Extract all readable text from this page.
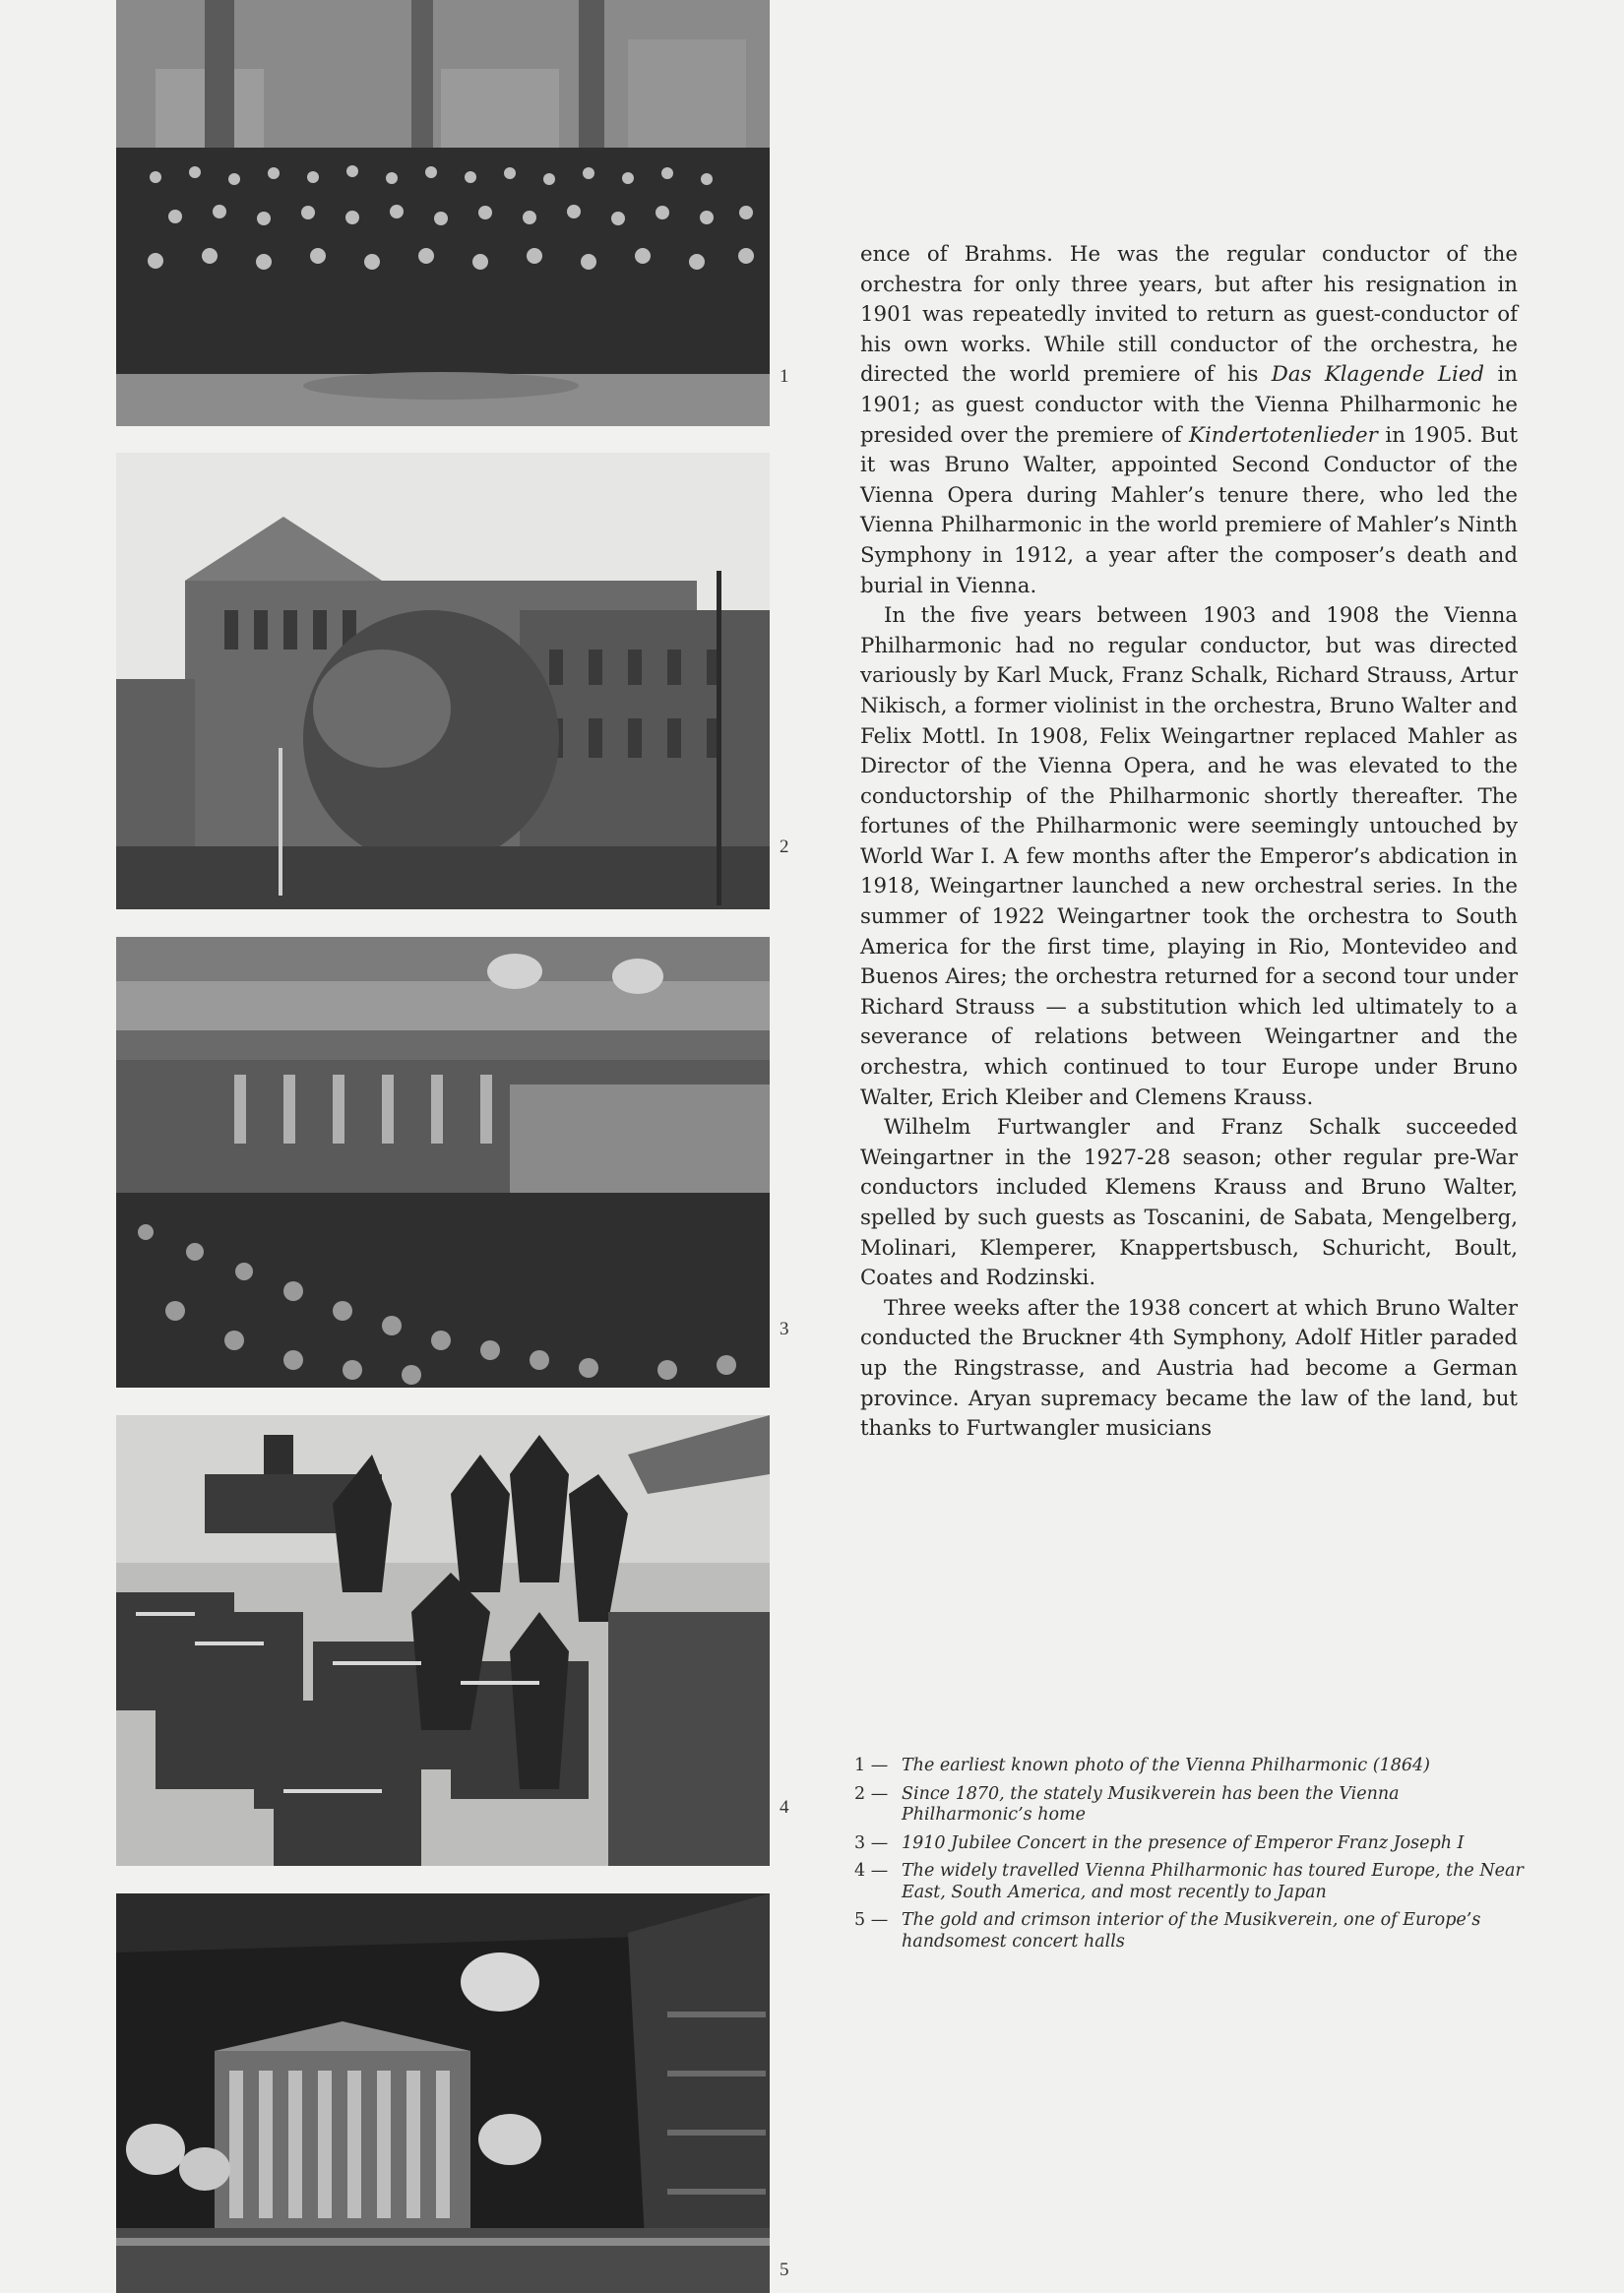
1
2
3
4
5

ence of Brahms. He was the regular conductor of the orchestra for only three years, but after his resignation in 1901 was repeatedly invited to return as guest-conductor of his own works. While still conductor of the orchestra, he directed the world premiere of his Das Klagende Lied in 1901; as guest conductor with the Vienna Philharmonic he presided over the premiere of Kindertotenlieder in 1905. But it was Bruno Walter, appointed Second Conductor of the Vienna Opera during Mahler’s tenure there, who led the Vienna Philharmonic in the world premiere of Mahler’s Ninth Symphony in 1912, a year after the composer’s death and burial in Vienna.

In the five years between 1903 and 1908 the Vienna Philharmonic had no regular conductor, but was directed variously by Karl Muck, Franz Schalk, Richard Strauss, Artur Nikisch, a former violinist in the orchestra, Bruno Walter and Felix Mottl. In 1908, Felix Weingartner replaced Mahler as Director of the Vienna Opera, and he was elevated to the conductorship of the Philharmonic shortly thereafter. The fortunes of the Philharmonic were seemingly untouched by World War I. A few months after the Emperor’s abdication in 1918, Weingartner launched a new orchestral series. In the summer of 1922 Weingartner took the orchestra to South America for the first time, playing in Rio, Montevideo and Buenos Aires; the orchestra returned for a second tour under Richard Strauss — a substitution which led ultimately to a severance of relations between Weingartner and the orchestra, which continued to tour Europe under Bruno Walter, Erich Kleiber and Clemens Krauss.

Wilhelm Furtwangler and Franz Schalk succeeded Weingartner in the 1927-28 season; other regular pre-War conductors included Klemens Krauss and Bruno Walter, spelled by such guests as Toscanini, de Sabata, Mengelberg, Molinari, Klemperer, Knappertsbusch, Schuricht, Boult, Coates and Rodzinski.

Three weeks after the 1938 concert at which Bruno Walter conducted the Bruckner 4th Symphony, Adolf Hitler paraded up the Ringstrasse, and Austria had become a German province. Aryan supremacy became the law of the land, but thanks to Furtwangler musicians

1 — The earliest known photo of the Vienna Philharmonic (1864)
2 — Since 1870, the stately Musikverein has been the Vienna Philharmonic’s home
3 — 1910 Jubilee Concert in the presence of Emperor Franz Joseph I
4 — The widely travelled Vienna Philharmonic has toured Europe, the Near East, South America, and most recently to Japan
5 — The gold and crimson interior of the Musikverein, one of Europe’s handsomest concert halls
